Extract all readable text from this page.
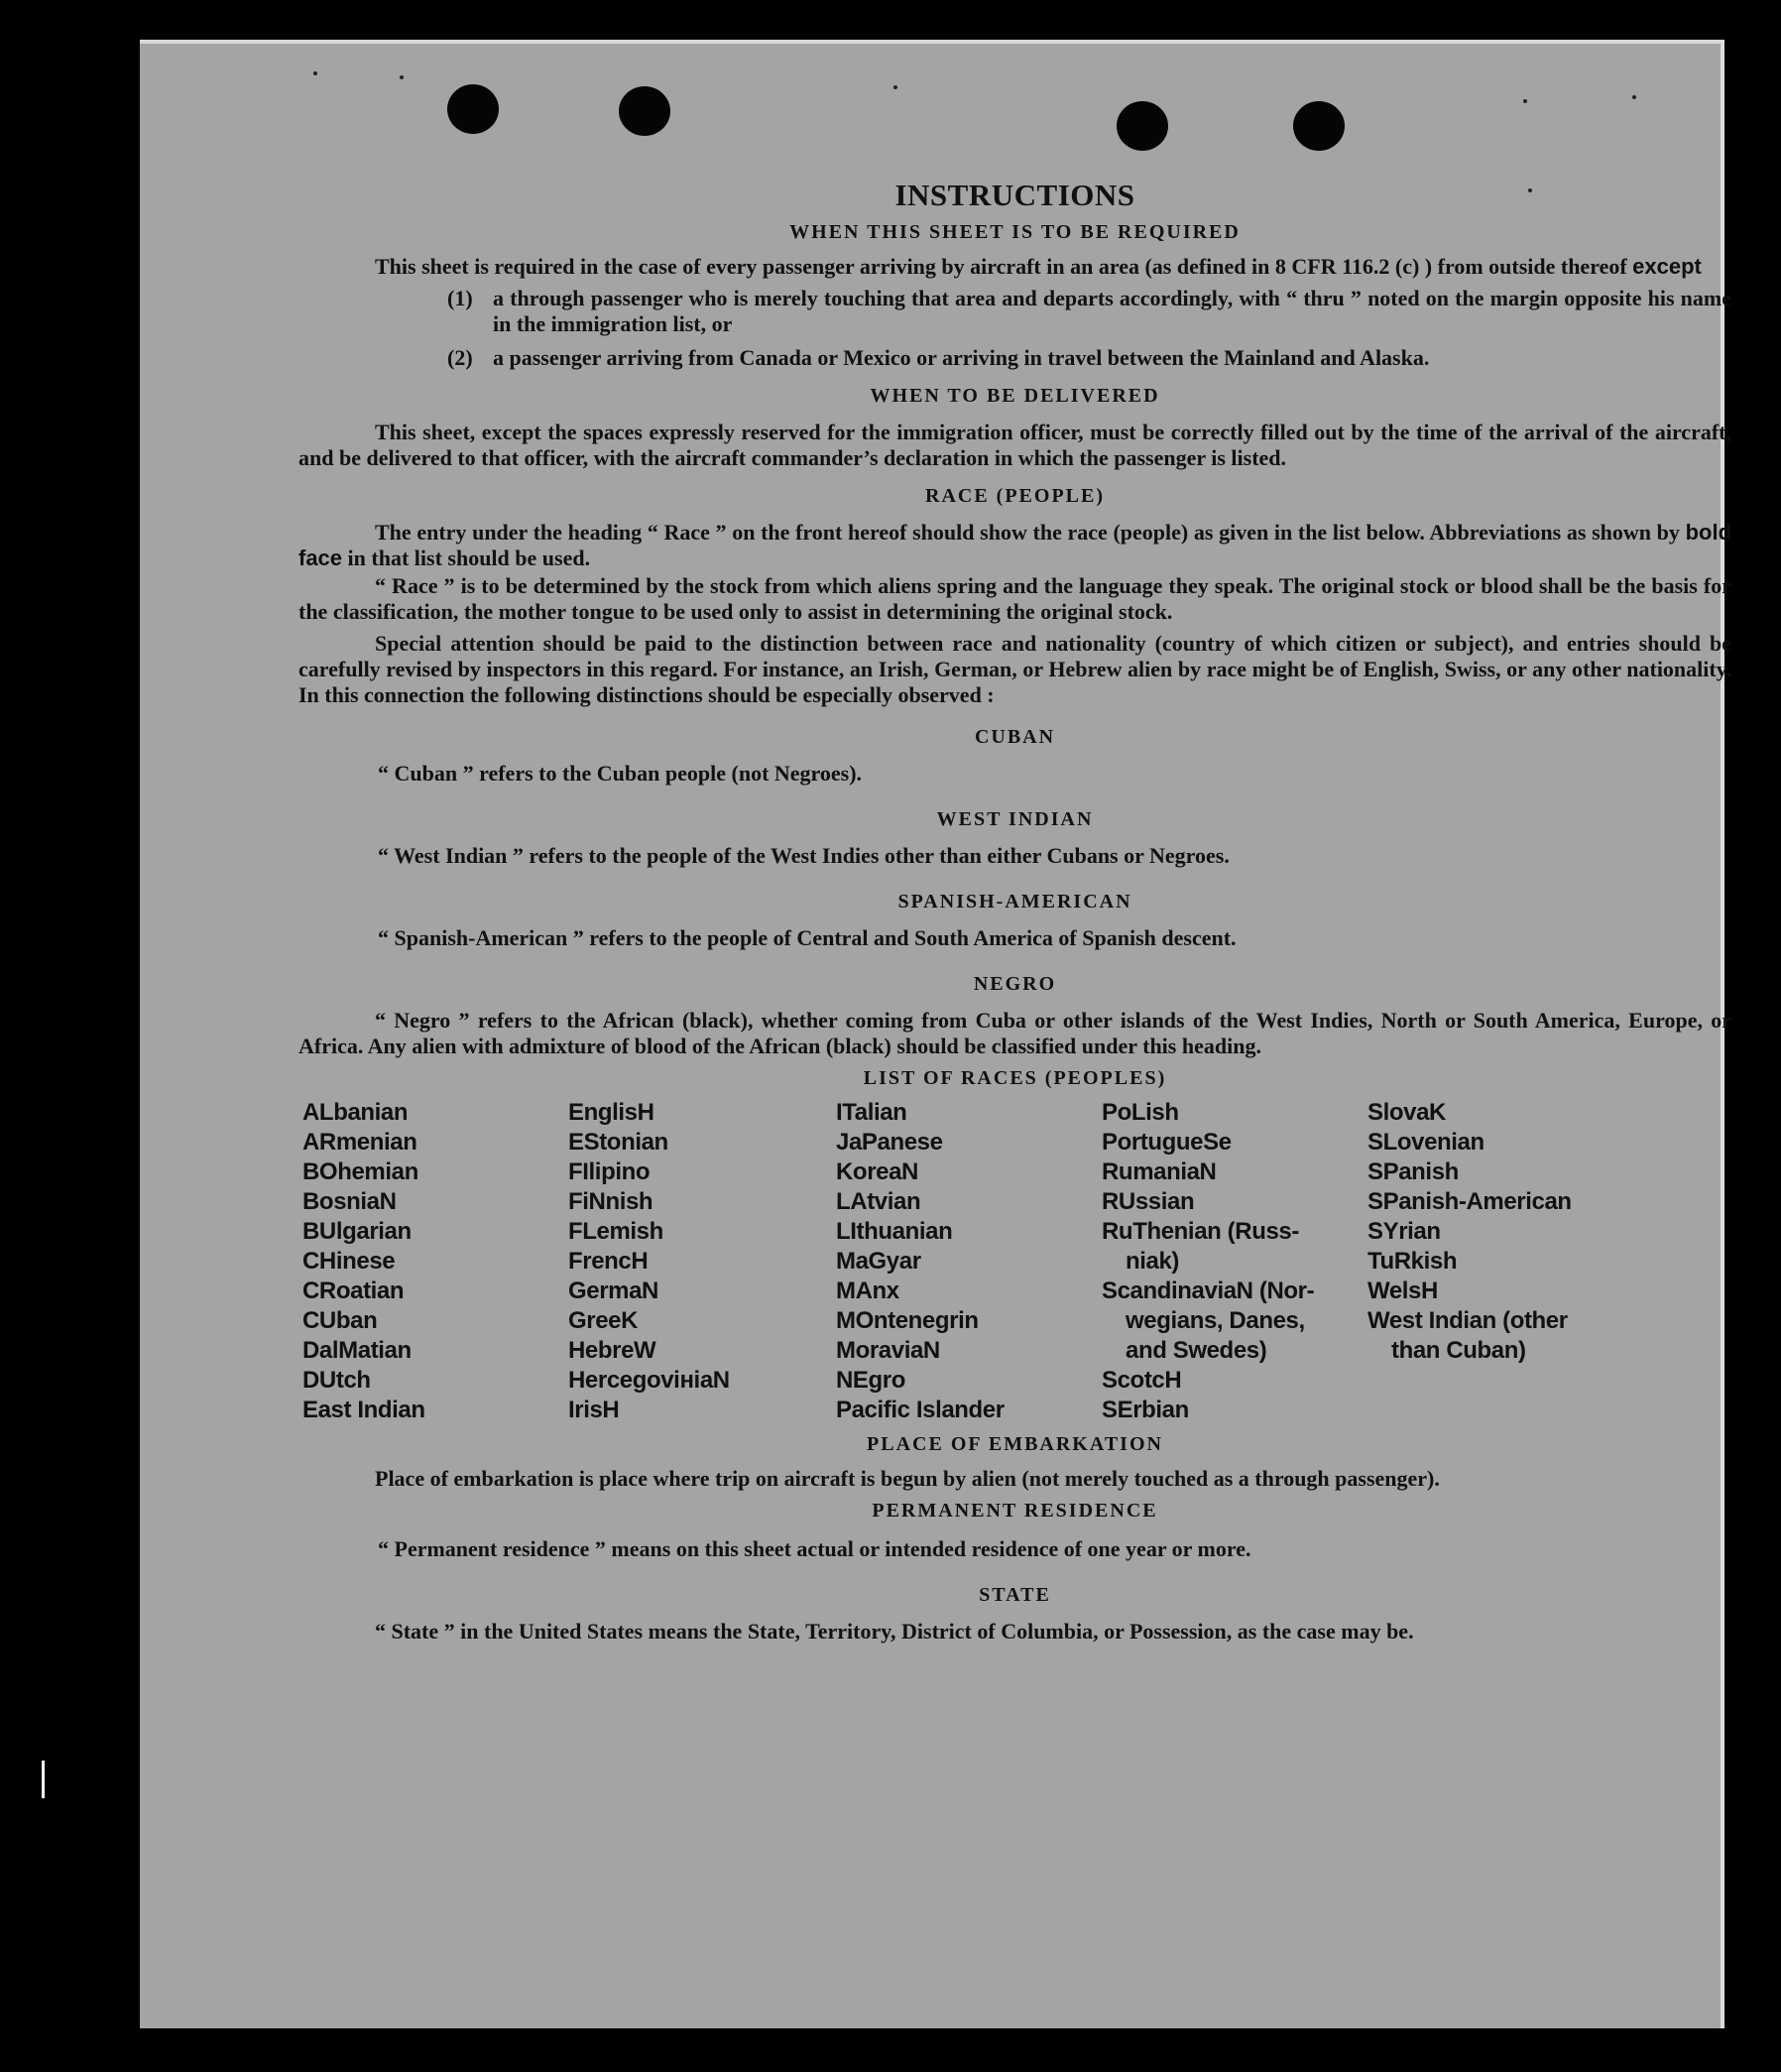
INSTRUCTIONS

WHEN THIS SHEET IS TO BE REQUIRED

This sheet is required in the case of every passenger arriving by aircraft in an area (as defined in 8 CFR 116.2 (c) ) from outside thereof except

(1) a through passenger who is merely touching that area and departs accordingly, with “ thru ” noted on the margin opposite his name in the immigration list, or
(2) a passenger arriving from Canada or Mexico or arriving in travel between the Mainland and Alaska.

WHEN TO BE DELIVERED

This sheet, except the spaces expressly reserved for the immigration officer, must be correctly filled out by the time of the arrival of the aircraft, and be delivered to that officer, with the aircraft commander’s declaration in which the passenger is listed.

RACE (PEOPLE)

The entry under the heading “ Race ” on the front hereof should show the race (people) as given in the list below. Abbreviations as shown by bold face in that list should be used.

“ Race ” is to be determined by the stock from which aliens spring and the language they speak. The original stock or blood shall be the basis for the classification, the mother tongue to be used only to assist in determining the original stock.

Special attention should be paid to the distinction between race and nationality (country of which citizen or subject), and entries should be carefully revised by inspectors in this regard. For instance, an Irish, German, or Hebrew alien by race might be of English, Swiss, or any other nationality. In this connection the following distinctions should be especially observed :

CUBAN

“ Cuban ” refers to the Cuban people (not Negroes).

WEST INDIAN

“ West Indian ” refers to the people of the West Indies other than either Cubans or Negroes.

SPANISH-AMERICAN

“ Spanish-American ” refers to the people of Central and South America of Spanish descent.

NEGRO

“ Negro ” refers to the African (black), whether coming from Cuba or other islands of the West Indies, North or South America, Europe, or Africa. Any alien with admixture of blood of the African (black) should be classified under this heading.

LIST OF RACES (PEOPLES)

ALbanian
ARmenian
BOhemian
BosniaN
BUlgarian
CHinese
CRoatian
CUban
DalMatian
DUtch
East Indian
EnglisH
EStonian
FIlipino
FiNnish
FLemish
FrencH
GermaN
GreeK
HebreW
HercegovініaN
IrisH
ITalian
JaPanese
KoreaN
LAtvian
LIthuanian
MaGyar
MAnx
MOntenegrin
MoraviaN
NEgro
Pacific Islander
PoLish
PortugueSe
RumaniaN
RUssian
RuThenian (Russ-
niak)
ScandinaviaN (Nor-
wegians, Danes,
and Swedes)
ScotcH
SErbian
SlovaK
SLovenian
SPanish
SPanish-American
SYrian
TuRkish
WelsH
West Indian (other
than Cuban)

PLACE OF EMBARKATION

Place of embarkation is place where trip on aircraft is begun by alien (not merely touched as a through passenger).

PERMANENT RESIDENCE

“ Permanent residence ” means on this sheet actual or intended residence of one year or more.

STATE

“ State ” in the United States means the State, Territory, District of Columbia, or Possession, as the case may be.
